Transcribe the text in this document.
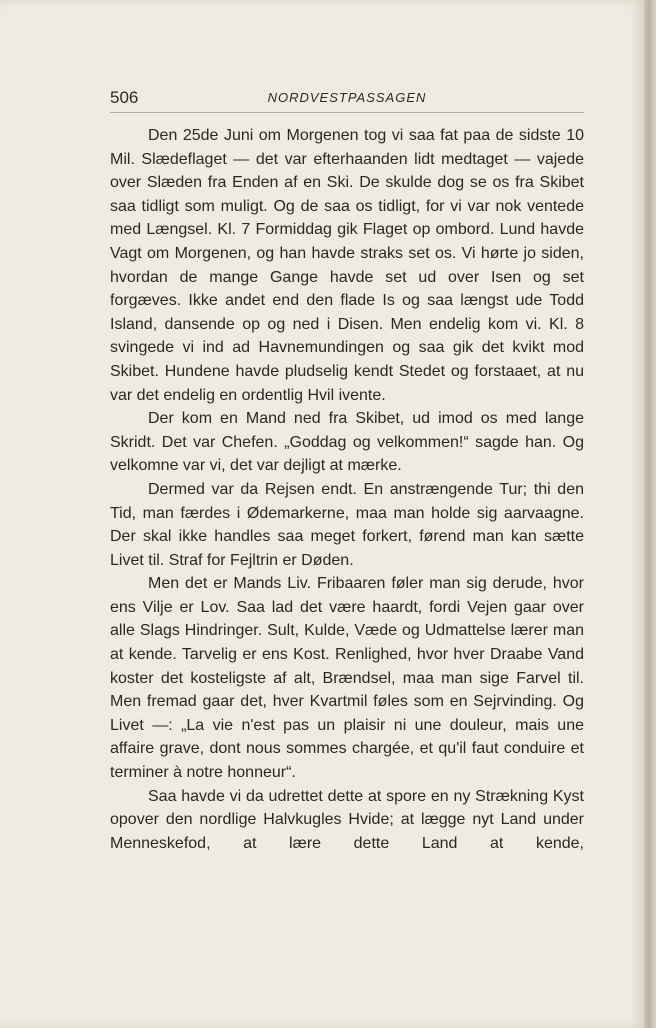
506	NORDVESTPASSAGEN

Den 25de Juni om Morgenen tog vi saa fat paa de sidste 10 Mil. Slædeflaget — det var efterhaanden lidt medtaget — vajede over Slæden fra Enden af en Ski. De skulde dog se os fra Skibet saa tidligt som muligt. Og de saa os tidligt, for vi var nok ventede med Længsel. Kl. 7 Formiddag gik Flaget op ombord. Lund havde Vagt om Morgenen, og han havde straks set os. Vi hørte jo siden, hvordan de mange Gange havde set ud over Isen og set forgæves. Ikke andet end den flade Is og saa længst ude Todd Island, dansende op og ned i Disen. Men endelig kom vi. Kl. 8 svingede vi ind ad Havnemundingen og saa gik det kvikt mod Skibet. Hundene havde pludselig kendt Stedet og forstaaet, at nu var det endelig en ordentlig Hvil ivente.

Der kom en Mand ned fra Skibet, ud imod os med lange Skridt. Det var Chefen. „Goddag og velkommen!“ sagde han. Og velkomne var vi, det var dejligt at mærke.

Dermed var da Rejsen endt. En anstrængende Tur; thi den Tid, man færdes i Ødemarkerne, maa man holde sig aarvaagne. Der skal ikke handles saa meget forkert, førend man kan sætte Livet til. Straf for Fejltrin er Døden.

Men det er Mands Liv. Fribaaren føler man sig derude, hvor ens Vilje er Lov. Saa lad det være haardt, fordi Vejen gaar over alle Slags Hindringer. Sult, Kulde, Væde og Udmattelse lærer man at kende. Tarvelig er ens Kost. Renlighed, hvor hver Draabe Vand koster det kosteligste af alt, Brændsel, maa man sige Farvel til. Men fremad gaar det, hver Kvartmil føles som en Sejrvinding. Og Livet —: „La vie n'est pas un plaisir ni une douleur, mais une affaire grave, dont nous sommes chargée, et qu'il faut conduire et terminer à notre honneur“.

Saa havde vi da udrettet dette at spore en ny Strækning Kyst opover den nordlige Halvkugles Hvide; at lægge nyt Land under Menneskefod, at lære dette Land at kende,
